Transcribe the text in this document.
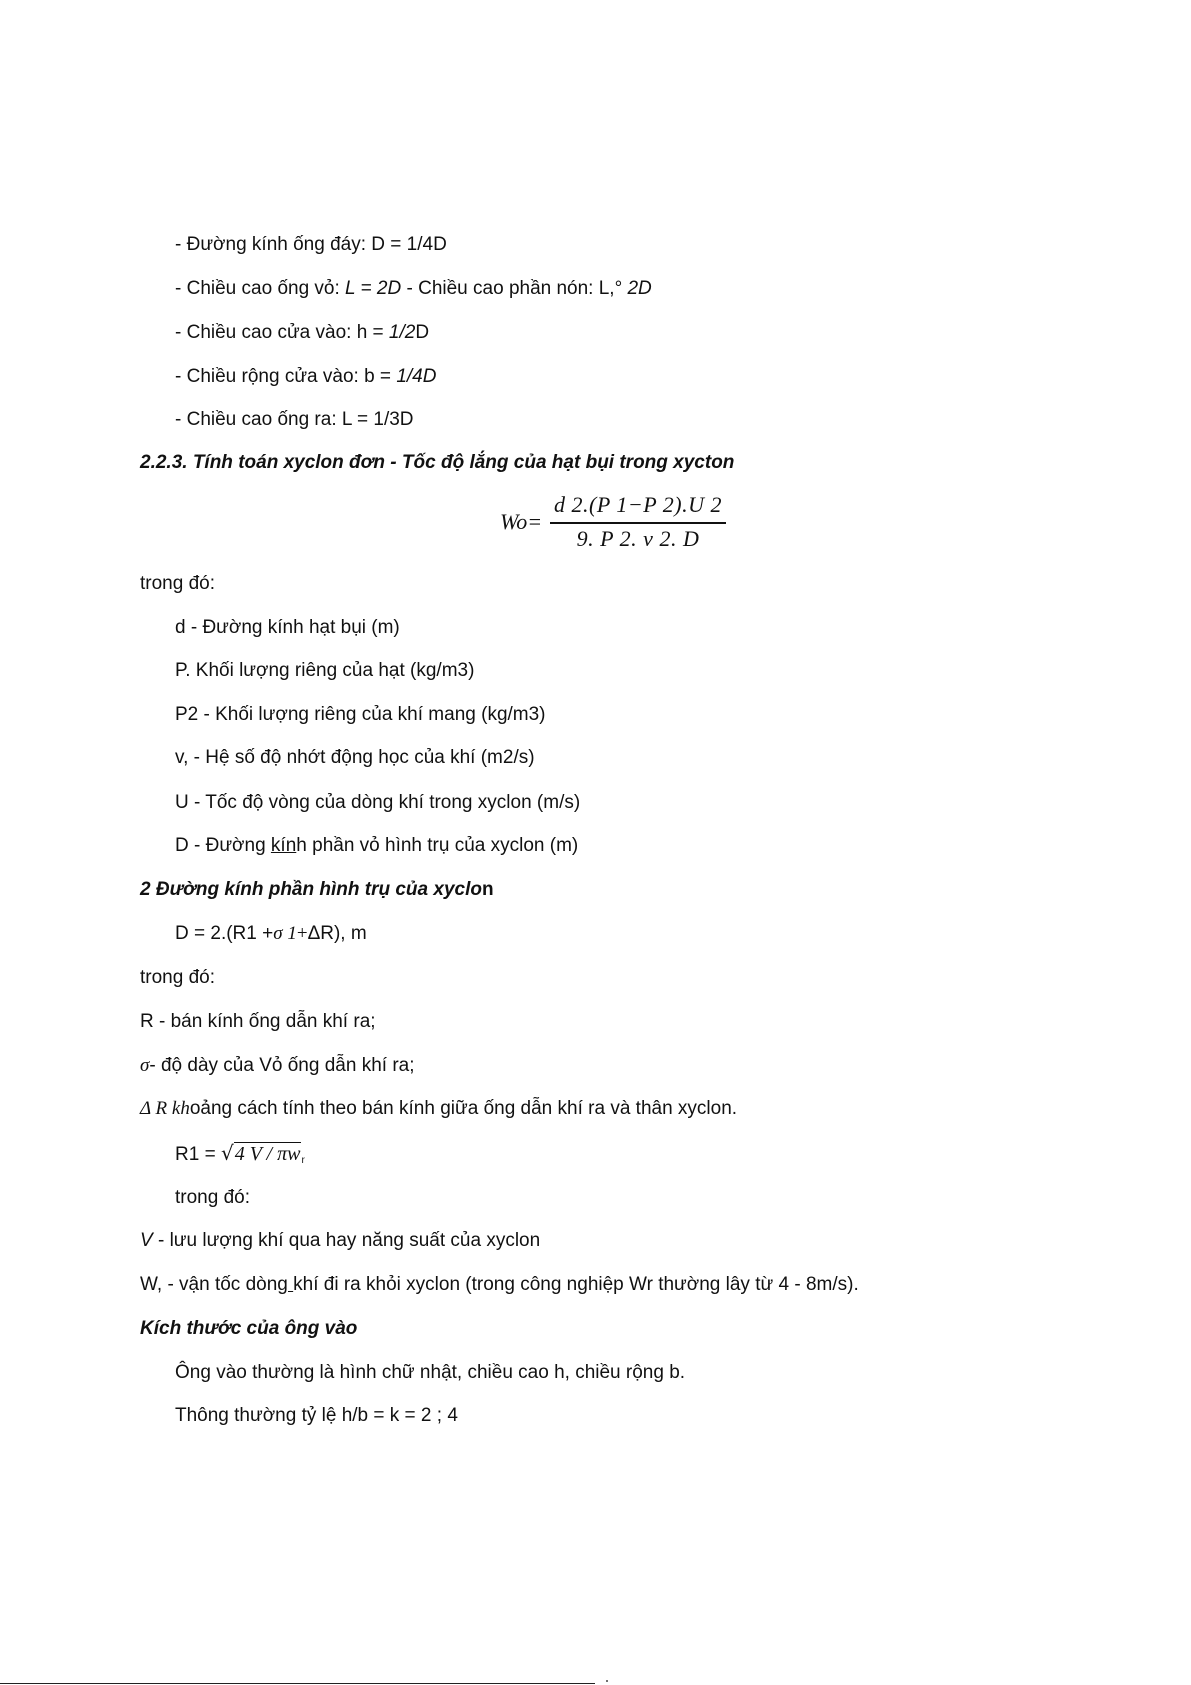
- Đường kính ống đáy: D = 1/4D
- Chiều cao ống vỏ: L = 2D - Chiều cao phần nón: L,° 2D
- Chiều cao cửa vào: h = 1/2D
- Chiều rộng cửa vào: b = 1/4D
- Chiều cao ống ra: L = 1/3D
2.2.3. Tính toán xyclon đơn - Tốc độ lắng của hạt bụi trong xycton
Wo=
d 2.(P 1−P 2).U 2
9. P 2. v 2. D
trong đó:
d - Đường kính hạt bụi (m)
P. Khối lượng riêng của hạt (kg/m3)
P2 - Khối lượng riêng của khí mang (kg/m3)
v, - Hệ số độ nhớt động học của khí (m2/s)
U - Tốc độ vòng của dòng khí trong xyclon (m/s)
D - Đường kính phần vỏ hình trụ của xyclon (m)
2 Đường kính phần hình trụ của xyclon
D = 2.(R1 +σ 1+ΔR), m
trong đó:
R - bán kính ống dẫn khí ra;
σ- độ dày của Vỏ ống dẫn khí ra;
Δ R khoảng cách tính theo bán kính giữa ống dẫn khí ra và thân xyclon.
R1 = √4 V / $\pi w_r$
trong đó:
V - lưu lượng khí qua hay năng suất của xyclon
W, - vận tốc dòng khí đi ra khỏi xyclon (trong công nghiệp Wr thường lây từ 4 - 8m/s).
Kích thước của ông vào
Ông vào thường là hình chữ nhật, chiều cao h, chiều rộng b.
Thông thường tỷ lệ h/b = k = 2 ; 4
